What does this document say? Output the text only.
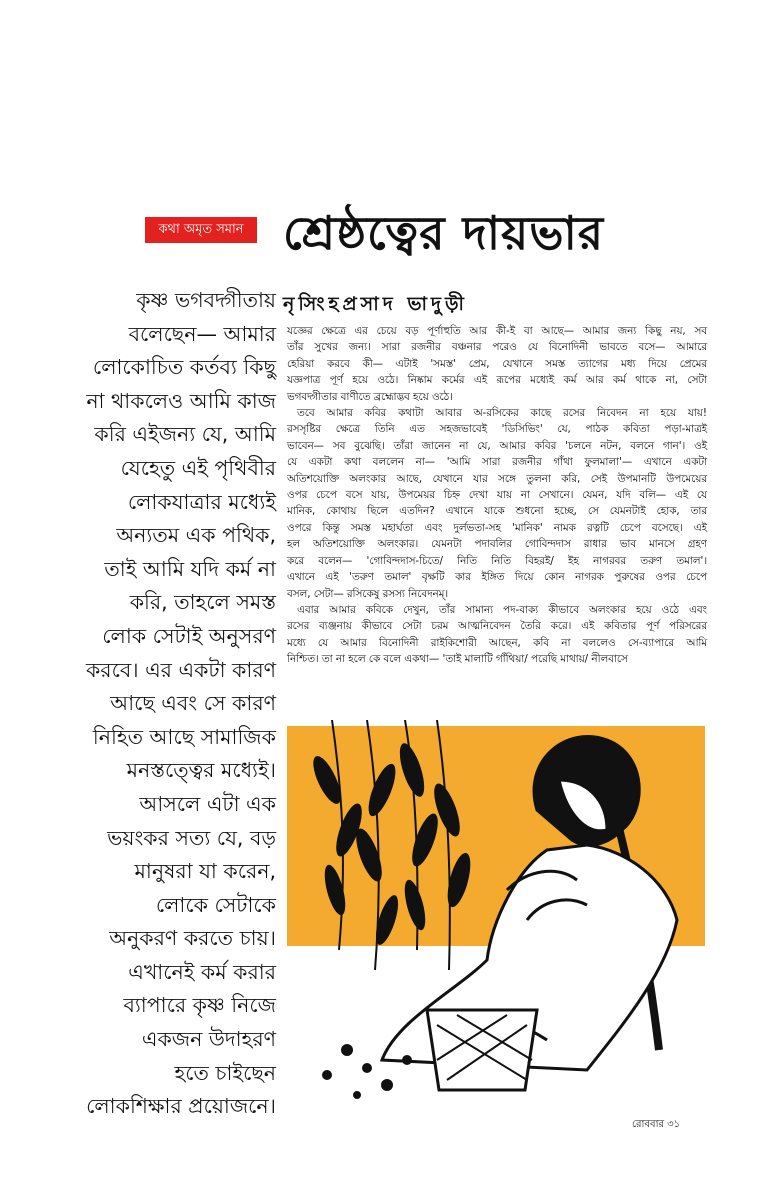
কথা অমৃত সমান শ্রেষ্ঠত্বের দায়ভার
নৃসিংহপ্রসাদ ভাদুড়ী
কৃষ্ণ ভগবদ্গীতায়
বলেছেন— আমার
লোকোচিত কর্তব্য কিছু
না থাকলেও আমি কাজ
করি এইজন্য যে, আমি
যেহেতু এই পৃথিবীর
লোকযাত্রার মধ্যেই
অন্যতম এক পথিক,
তাই আমি যদি কর্ম না
করি, তাহলে সমস্ত
লোক সেটাই অনুসরণ
করবে। এর একটা কারণ
আছে এবং সে কারণ
নিহিত আছে সামাজিক
মনস্তত্ত্বের মধ্যেই।
আসলে এটা এক
ভয়ংকর সত্য যে, বড়
মানুষরা যা করেন,
লোকে সেটাকে
অনুকরণ করতে চায়।
এখানেই কর্ম করার
ব্যাপারে কৃষ্ণ নিজে
একজন উদাহরণ
হতে চাইছেন
লোকশিক্ষার প্রয়োজনে।

যজ্ঞের ক্ষেত্রে এর চেয়ে বড় পূর্ণাহুতি আর কী-ই বা আছে— আমার জন্য কিছু নয়, সব
তাঁর সুখের জন্য। সারা রজনীর বঞ্চনার পরেও যে বিনোদিনী ভাবতে বসে— আমারে
হেরিয়া করবে কী— এটাই 'সমস্ত' প্রেম, যেখানে সমস্ত ত্যাগের মধ্য দিয়ে প্রেমের
যজ্ঞপাত্র পূর্ণ হয়ে ওঠে। নিষ্কাম কর্মের এই রূপের মধ্যেই কর্ম আর কর্ম থাকে না, সেটা
ভগবদ্গীতার বাণীতে ব্রহ্মোদ্ভব হয়ে ওঠে।

তবে আমার কবির কথাটা আবার অ-রসিকের কাছে রসের নিবেদন না হয়ে যায়!
রসসৃষ্টির ক্ষেত্রে তিনি এত সহজভাবেই 'ডিসিভিং' যে, পাঠক কবিতা পড়া-মাত্রই
ভাবেন— সব বুঝেছি। তাঁরা জানেন না যে, আমার কবির 'চলনে নটন, বলনে গান'। ওই
যে একটা কথা বললেন না— 'আমি সারা রজনীর গাঁথা ফুলমালা'— এখানে একটা
অতিশয়োক্তি অলংকার আছে, যেখানে যার সঙ্গে তুলনা করি, সেই উপমানটি উপমেয়ের
ওপর চেপে বসে যায়, উপমেয়র চিহ্ন দেখা যায় না সেখানে। যেমন, যদি বলি— এই যে
মানিক, কোথায় ছিলে এতদিন? এখানে যাকে শুধনো হচ্ছে, সে যেমনটাই হোক, তার
ওপরে কিন্তু সমস্ত মহার্ঘতা এবং দুর্লভতা-সহ 'মানিক' নামক রত্নটি চেপে বসেছে। এই
হল অতিশয়োক্তি অলংকার। যেমনটা পদাবলির গোবিন্দদাস রাধার ভাব মানসে গ্রহণ
করে বলেন— 'গোবিন্দদাস-চিতে/ নিতি নিতি বিহরই/ ইহ নাগরবর তরুণ তমাল'।
এখানে এই 'তরুণ তমাল' বৃক্ষটি কার ইঙ্গিত দিয়ে কোন নাগরক পুরুষের ওপর চেপে
বসল, সেটা— রসিকেষু রসস্য নিবেদনম্।

এবার আমার কবিকে দেখুন, তাঁর সামান্য পদ-বাক্য কীভাবে অলংকার হয়ে ওঠে এবং
রসের ব্যঞ্জনায় কীভাবে সেটা চরম আত্মনিবেদন তৈরি করে। এই কবিতার পূর্ণ পরিসরের
মধ্যে যে আমার বিনোদিনী রাইকিশোরী আছেন, কবি না বললেও সে-ব্যাপারে আমি
নিশ্চিত। তা না হলে কে বলে একথা— 'তাই মালাটি গাঁথিয়া/ পরেছি মাথায়/ নীলবাসে

রোববার ৩১
